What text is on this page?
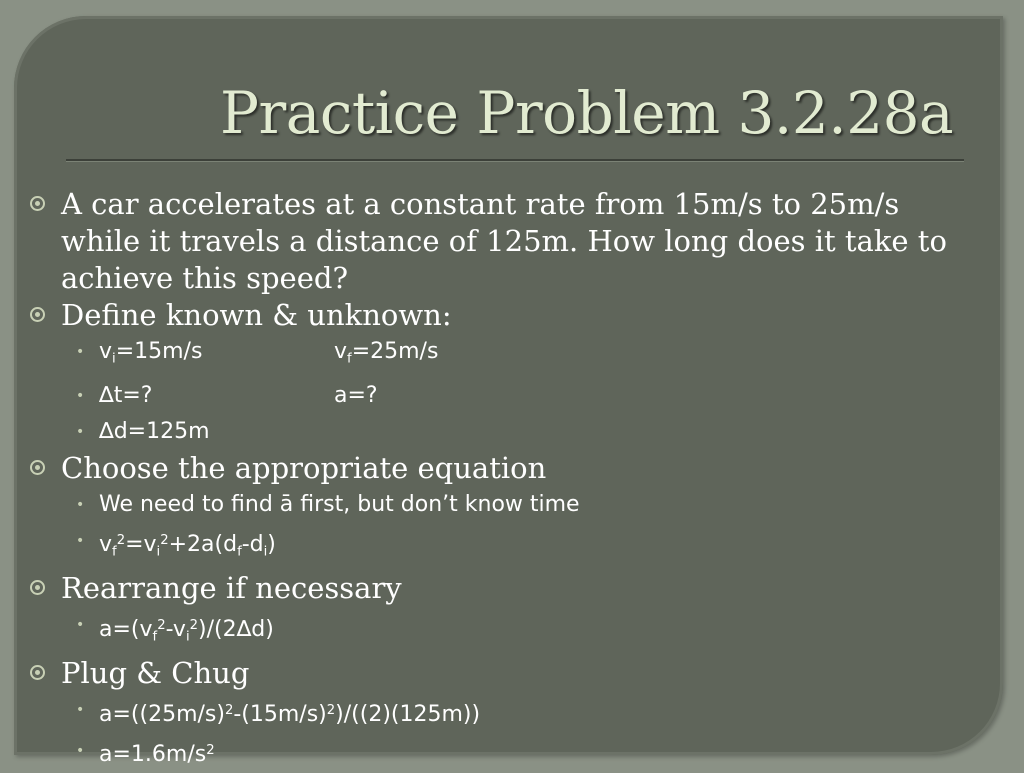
Practice Problem 3.2.28a
A car accelerates at a constant rate from 15m/s to 25m/s while it travels a distance of 125m. How long does it take to achieve this speed?
Define known & unknown:
• $v_i=15m/s$	$v_f=25m/s$
• ∆t=?	a=?
• ∆d=125m
Choose the appropriate equation
• We need to find ā first, but don’t know time
• $v_f^2=v_i^2+2a(d_f-d_i)$
Rearrange if necessary
• $a=(v_f^2-v_i^2)/(2\Delta d)$
Plug & Chug
• $a=((25m/s)^2-(15m/s)^2)/((2)(125m))$
• $a=1.6m/s^2$
